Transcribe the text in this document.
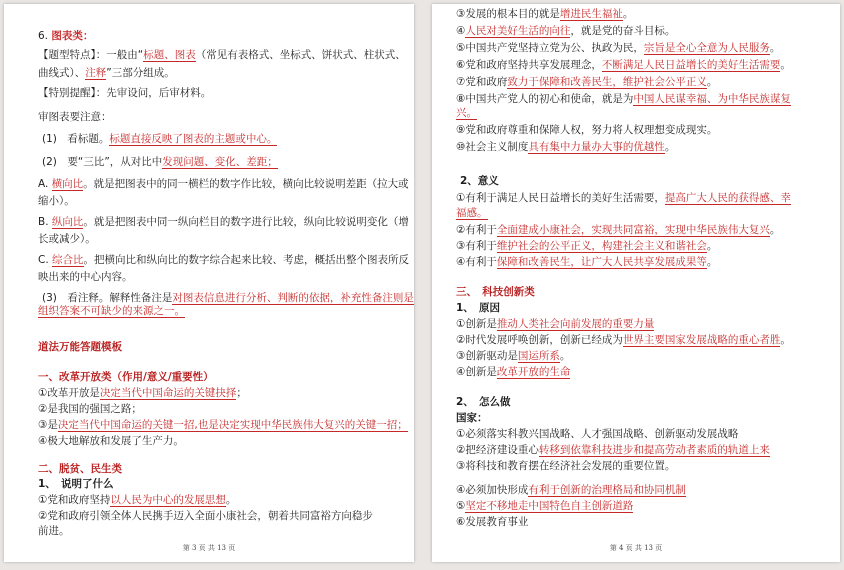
6. 图表类：
【题型特点】：一般由“标题、图表（常见有表格式、坐标式、饼状式、柱状式、
曲线式）、注释”三部分组成。
【特别提醒】：先审设问，后审材料。
审图表要注意：
(1)　看标题。标题直接反映了图表的主题或中心。
(2)　要“三比”，从对比中发现问题、变化、差距；
A. 横向比。就是把图表中的同一横栏的数字作比较，横向比较说明差距（拉大或
缩小）。
B. 纵向比。就是把图表中同一纵向栏目的数字进行比较，纵向比较说明变化（增
长或减少）。
C. 综合比。把横向比和纵向比的数字综合起来比较、考虑，概括出整个图表所反
映出来的中心内容。
(3)　看注释。解释性备注是对图表信息进行分析、判断的依据，补充性备注则是
组织答案不可缺少的来源之一。
道法万能答题模板
一、改革开放类（作用/意义/重要性）
①改革开放是决定当代中国命运的关键抉择；
②是我国的强国之路；
③是决定当代中国命运的关键一招,也是决定实现中华民族伟大复兴的关键一招；
④极大地解放和发展了生产力。
二、脱贫、民生类
1、　说明了什么
①党和政府坚持以人民为中心的发展思想。
②党和政府引领全体人民携手迈入全面小康社会，朝着共同富裕方向稳步
前进。
第 3 页 共 13 页
③发展的根本目的就是增进民生福祉。
④人民对美好生活的向往，就是党的奋斗目标。
⑤中国共产党坚持立党为公、执政为民，宗旨是全心全意为人民服务。
⑥党和政府坚持共享发展理念，不断满足人民日益增长的美好生活需要。
⑦党和政府致力于保障和改善民生，维护社会公平正义。
⑧中国共产党人的初心和使命，就是为中国人民谋幸福、为中华民族谋复
兴。
⑨党和政府尊重和保障人权，努力将人权理想变成现实。
⑩社会主义制度具有集中力量办大事的优越性。
2、意义
①有利于满足人民日益增长的美好生活需要，提高广大人民的获得感、幸
福感。
②有利于全面建成小康社会，实现共同富裕，实现中华民族伟大复兴。
③有利于维护社会的公平正义，构建社会主义和谐社会。
④有利于保障和改善民生，让广大人民共享发展成果等。
三、　科技创新类
1、　原因
①创新是推动人类社会向前发展的重要力量
②时代发展呼唤创新，创新已经成为世界主要国家发展战略的重心者胜。
③创新驱动是国运所系。
④创新是改革开放的生命
2、　怎么做
国家：
①必须落实科教兴国战略、人才强国战略、创新驱动发展战略
②把经济建设重心转移到依靠科技进步和提高劳动者素质的轨道上来
③将科技和教育摆在经济社会发展的重要位置。
④必须加快形成有利于创新的治理格局和协同机制
⑤坚定不移地走中国特色自主创新道路
⑥发展教育事业
第 4 页 共 13 页
